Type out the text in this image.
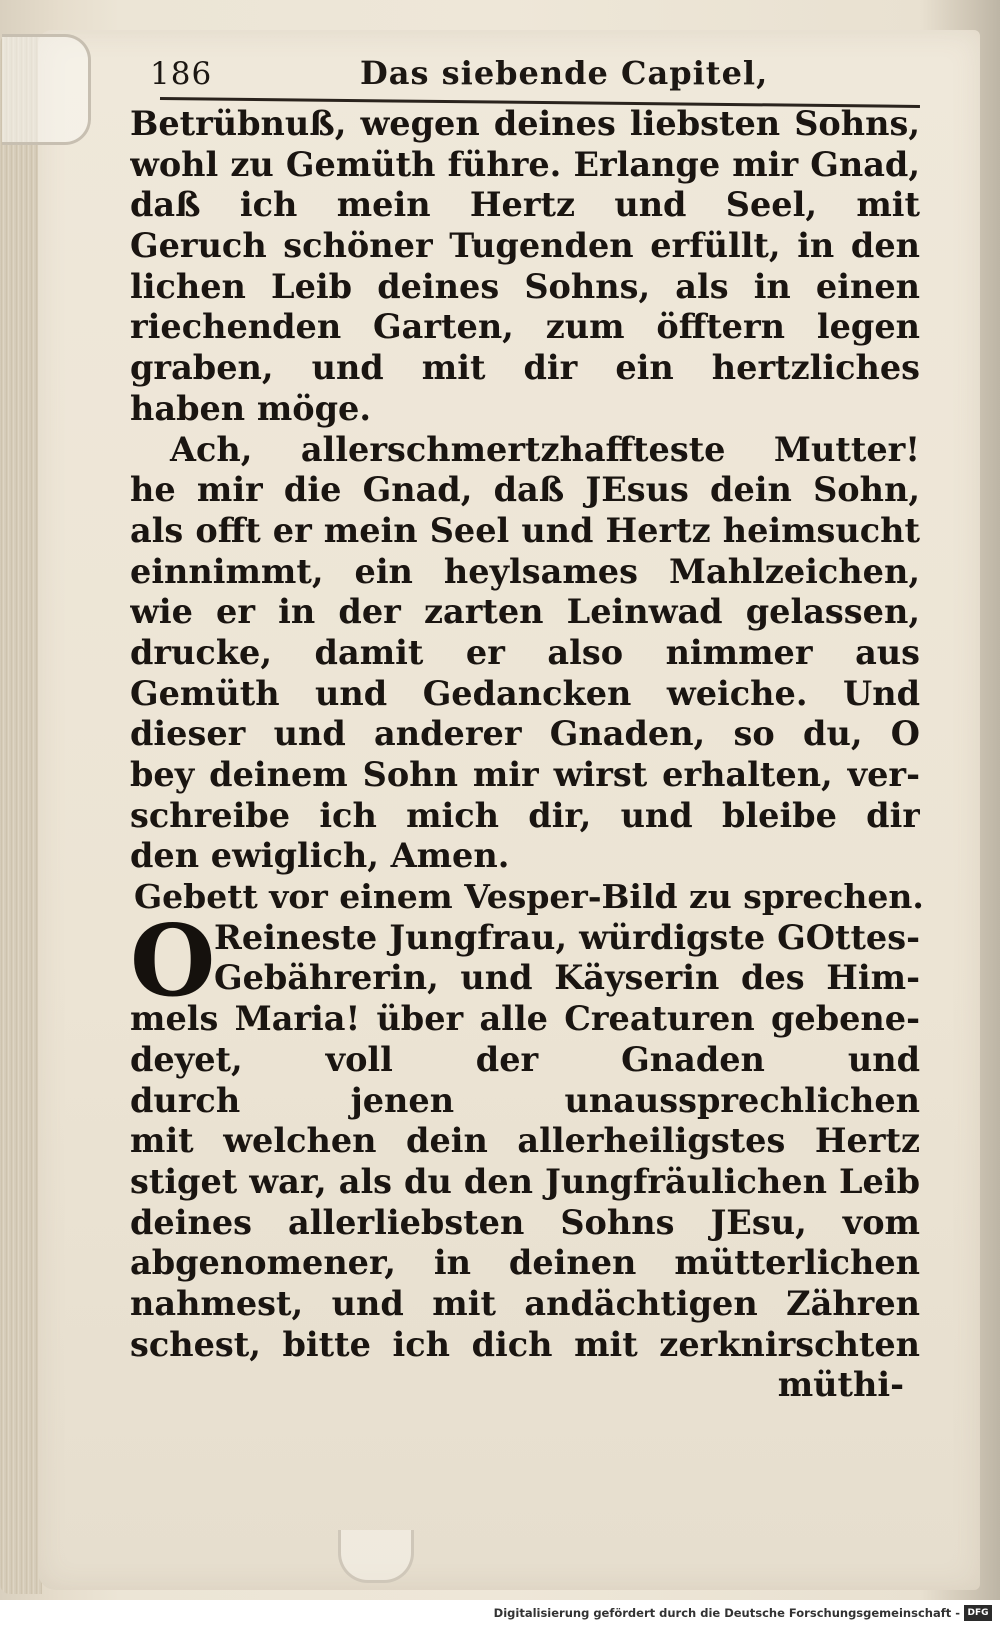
186	Das siebende Capitel,
Betrübnuß, wegen deines liebsten Sohns,
wohl zu Gemüth führe. Erlange mir Gnad,
daß ich mein Hertz und Seel, mit
Geruch schöner Tugenden erfüllt, in den
lichen Leib deines Sohns, als in einen
riechenden Garten, zum öfftern legen
graben, und mit dir ein hertzliches
haben möge.
Ach, allerschmertzhaffteste Mutter!
he mir die Gnad, daß JEsus dein Sohn,
als offt er mein Seel und Hertz heimsucht
einnimmt, ein heylsames Mahlzeichen,
wie er in der zarten Leinwad gelassen,
drucke, damit er also nimmer aus
Gemüth und Gedancken weiche. Und
dieser und anderer Gnaden, so du, O
bey deinem Sohn mir wirst erhalten, ver-
schreibe ich mich dir, und bleibe dir
den ewiglich, Amen.
Gebett vor einem Vesper-Bild zu sprechen.
O
Reineste Jungfrau, würdigste GOttes-
Gebährerin, und Käyserin des Him-
mels Maria! über alle Creaturen gebene-
deyet, voll der Gnaden und
durch jenen unaussprechlichen
mit welchen dein allerheiligstes Hertz
stiget war, als du den Jungfräulichen Leib
deines allerliebsten Sohns JEsu, vom
abgenomener, in deinen mütterlichen
nahmest, und mit andächtigen Zähren
schest, bitte ich dich mit zerknirschten
müthi-
Digitalisierung gefördert durch die Deutsche Forschungsgemeinschaft - DFG
